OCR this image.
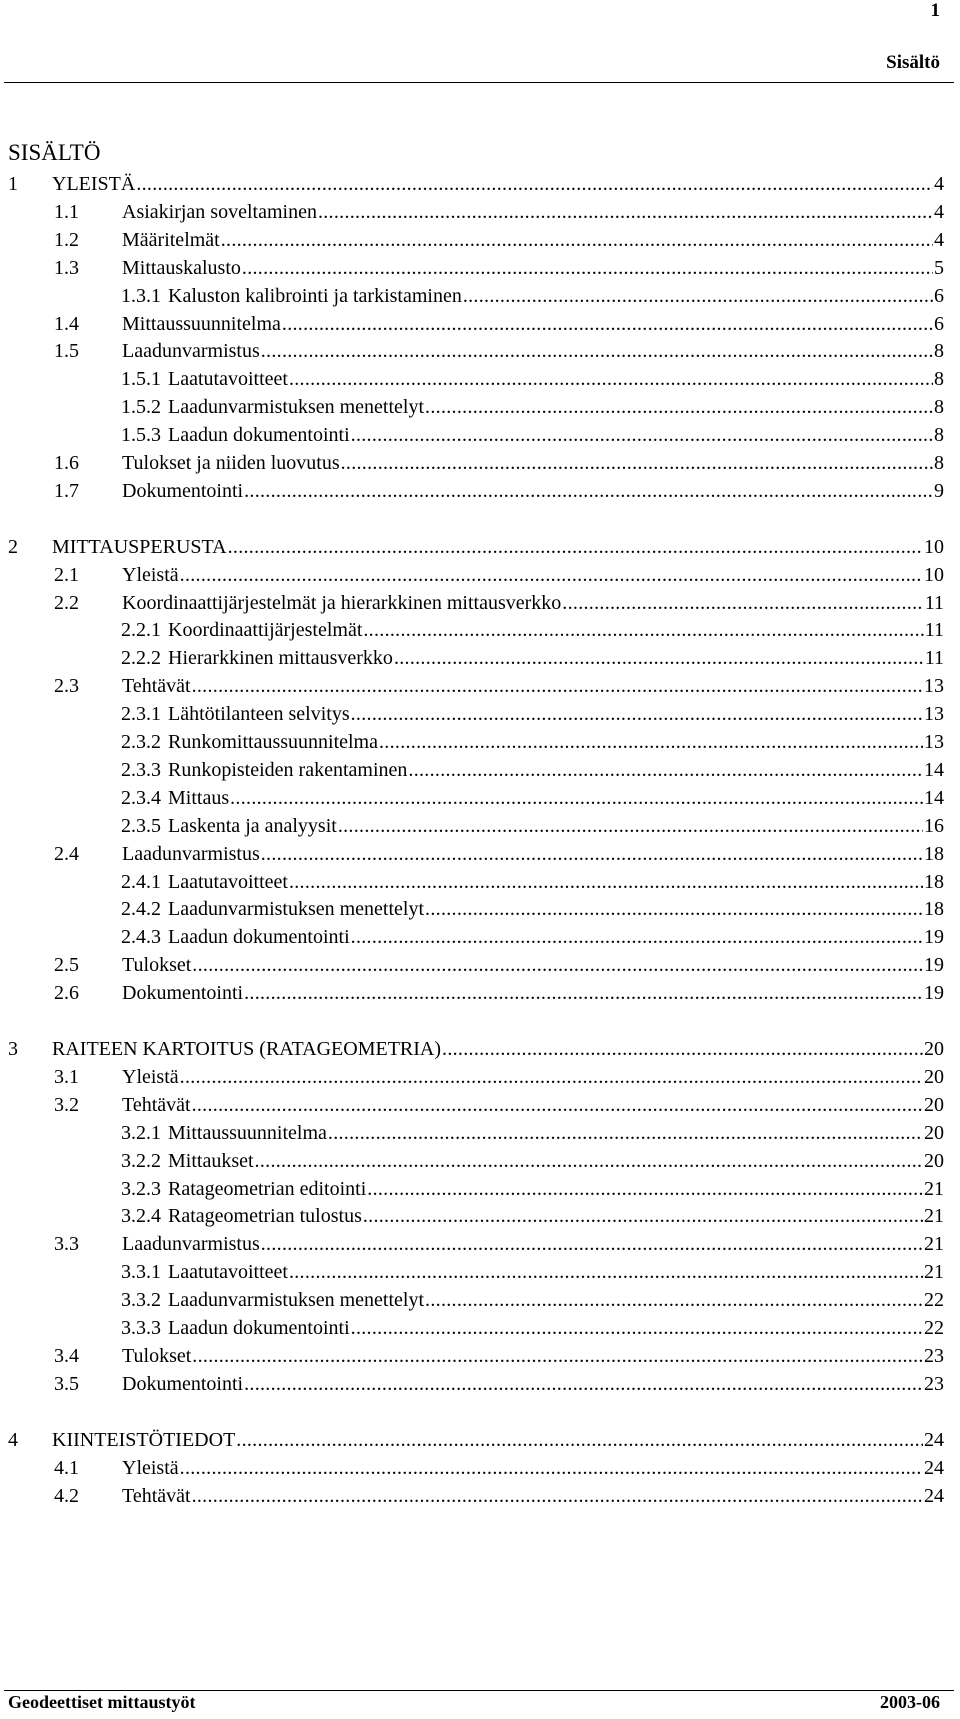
1
Sisältö
SISÄLTÖ
1	YLEISTÄ .....	4
1.1	Asiakirjan soveltaminen .....	4
1.2	Määritelmät .....	4
1.3	Mittauskalusto .....	5
1.3.1 Kaluston kalibrointi ja tarkistaminen .....	6
1.4	Mittaussuunnitelma .....	6
1.5	Laadunvarmistus .....	8
1.5.1 Laatutavoitteet .....	8
1.5.2 Laadunvarmistuksen menettelyt .....	8
1.5.3 Laadun dokumentointi .....	8
1.6	Tulokset ja niiden luovutus .....	8
1.7	Dokumentointi .....	9
2	MITTAUSPERUSTA .....	10
2.1	Yleistä .....	10
2.2	Koordinaattijärjestelmät ja hierarkkinen mittausverkko .....	11
2.2.1 Koordinaattijärjestelmät .....	11
2.2.2 Hierarkkinen mittausverkko .....	11
2.3	Tehtävät .....	13
2.3.1 Lähtötilanteen selvitys .....	13
2.3.2 Runkomittaussuunnitelma .....	13
2.3.3 Runkopisteiden rakentaminen .....	14
2.3.4 Mittaus .....	14
2.3.5 Laskenta ja analyysit .....	16
2.4	Laadunvarmistus .....	18
2.4.1 Laatutavoitteet .....	18
2.4.2 Laadunvarmistuksen menettelyt .....	18
2.4.3 Laadun dokumentointi .....	19
2.5	Tulokset .....	19
2.6	Dokumentointi .....	19
3	RAITEEN KARTOITUS (RATAGEOMETRIA) .....	20
3.1	Yleistä .....	20
3.2	Tehtävät .....	20
3.2.1 Mittaussuunnitelma .....	20
3.2.2 Mittaukset .....	20
3.2.3 Ratageometrian editointi .....	21
3.2.4 Ratageometrian tulostus .....	21
3.3	Laadunvarmistus .....	21
3.3.1 Laatutavoitteet .....	21
3.3.2 Laadunvarmistuksen menettelyt .....	22
3.3.3 Laadun dokumentointi .....	22
3.4	Tulokset .....	23
3.5	Dokumentointi .....	23
4	KIINTEISTÖTIEDOT .....	24
4.1	Yleistä .....	24
4.2	Tehtävät .....	24
Geodeettiset mittaustyöt	2003-06
